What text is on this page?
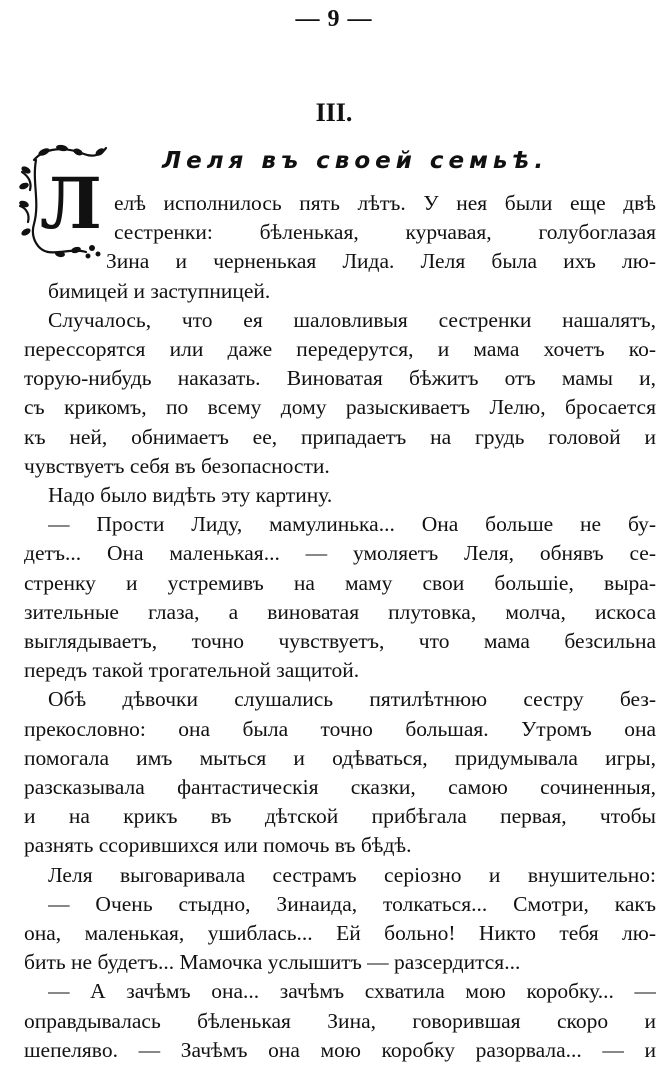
— 9 —
III.
Леля въ своей семьѣ.
Л елѣ исполнилось пять лѣтъ. У нея были еще двѣ
сестренки: бѣленькая, курчавая, голубоглазая
Зина и черненькая Лида. Леля была ихъ лю-
бимицей и заступницей.
Случалось, что ея шаловливыя сестренки нашалятъ,
перессорятся или даже передерутся, и мама хочетъ ко-
торую-нибудь наказать. Виноватая бѣжитъ отъ мамы и,
съ крикомъ, по всему дому разыскиваетъ Лелю, бросается
къ ней, обнимаетъ ее, припадаетъ на грудь головой и
чувствуетъ себя въ безопасности.
Надо было видѣть эту картину.
— Прости Лиду, мамулинька... Она больше не бу-
детъ... Она маленькая... — умоляетъ Леля, обнявъ се-
стренку и устремивъ на маму свои большіе, выра-
зительные глаза, а виноватая плутовка, молча, искоса
выглядываетъ, точно чувствуетъ, что мама безсильна
передъ такой трогательной защитой.
Обѣ дѣвочки слушались пятилѣтнюю сестру без-
прекословно: она была точно большая. Утромъ она
помогала имъ мыться и одѣваться, придумывала игры,
разсказывала фантастическія сказки, самою сочиненныя,
и на крикъ въ дѣтской прибѣгала первая, чтобы
разнять ссорившихся или помочь въ бѣдѣ.
Леля выговаривала сестрамъ серіозно и внушительно:
— Очень стыдно, Зинаида, толкаться... Смотри, какъ
она, маленькая, ушиблась... Ей больно! Никто тебя лю-
бить не будетъ... Мамочка услышитъ — разсердится...
— А зачѣмъ она... зачѣмъ схватила мою коробку... —
оправдывалась бѣленькая Зина, говорившая скоро и
шепелявo. — Зачѣмъ она мою коробку разорвала... — и
